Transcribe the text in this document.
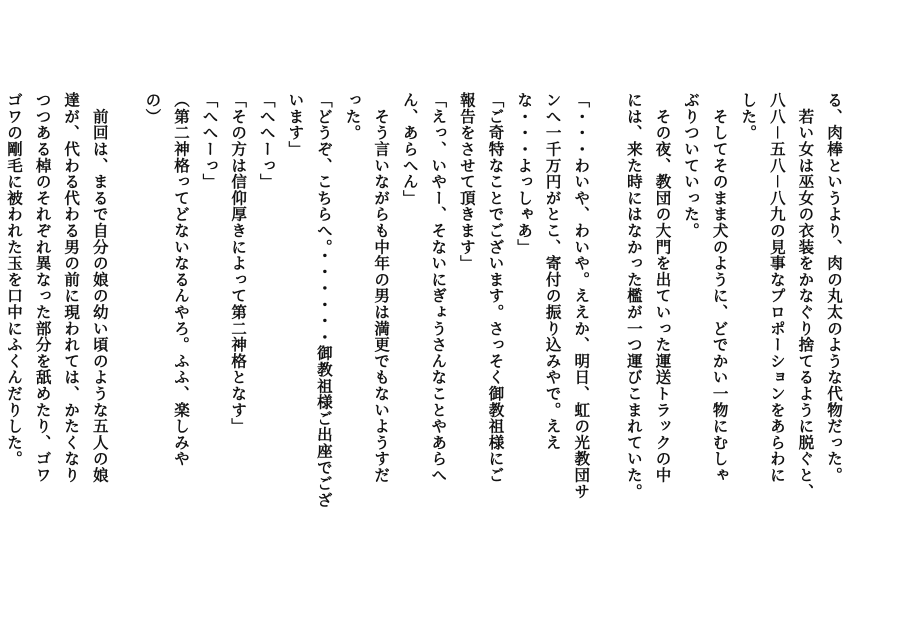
る、肉棒というより、肉の丸太のような代物だった。
　若い女は巫女の衣装をかなぐり捨てるように脱ぐと、
八八－五八－八九の見事なプロポーションをあらわに
した。
　そしてそのまま犬のように、どでかい一物にむしゃ
ぶりついていった。
　その夜、教団の大門を出ていった運送トラックの中
には、来た時にはなかった檻が一つ運びこまれていた。
「・・・わいや、わいや。ええか、明日、虹の光教団サ
ンへ一千万円がとこ、寄付の振り込みやで。ええ
な・・・よっしゃあ」
「ご奇特なことでございます。さっそく御教祖様にご
報告をさせて頂きます」
「えっ、いやー、そないにぎょうさんなことやあらへ
ん、あらへん」
　そう言いながらも中年の男は満更でもないようすだ
った。
「どうぞ、こちらへ。・・・・・・御教祖様ご出座でござ
います」
「へへーっ」
「その方は信仰厚きによって第二神格となす」
「へへーっ」
（第二神格ってどないなるんやろ。ふふ、楽しみや
の）
　前回は、まるで自分の娘の幼い頃のような五人の娘
達が、代わる代わる男の前に現われては、かたくなり
つつある棹のそれぞれ異なった部分を舐めたり、ゴワ
ゴワの剛毛に被われた玉を口中にふくんだりした。
